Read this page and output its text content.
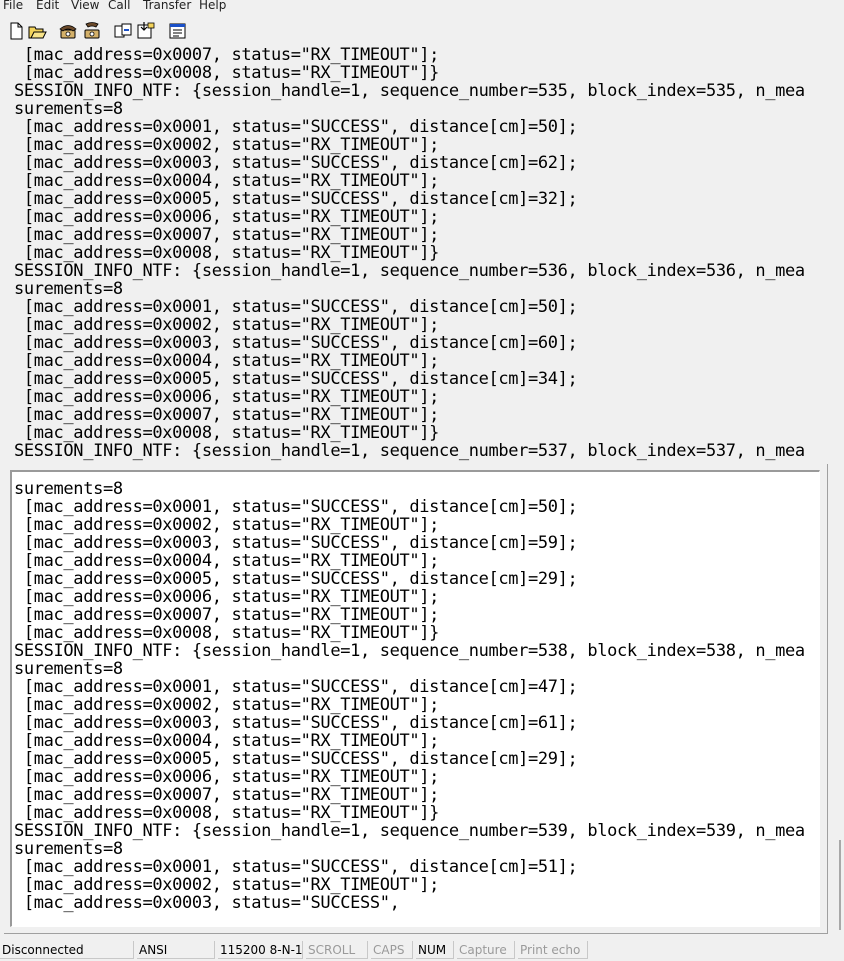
File Edit View Call Transfer Help
[mac_address=0x0007, status="RX_TIMEOUT"];
[mac_address=0x0008, status="RX_TIMEOUT"]}
SESSION_INFO_NTF: {session_handle=1, sequence_number=535, block_index=535, n_mea
surements=8
[mac_address=0x0001, status="SUCCESS", distance[cm]=50];
[mac_address=0x0002, status="RX_TIMEOUT"];
[mac_address=0x0003, status="SUCCESS", distance[cm]=62];
[mac_address=0x0004, status="RX_TIMEOUT"];
[mac_address=0x0005, status="SUCCESS", distance[cm]=32];
[mac_address=0x0006, status="RX_TIMEOUT"];
[mac_address=0x0007, status="RX_TIMEOUT"];
[mac_address=0x0008, status="RX_TIMEOUT"]}
SESSION_INFO_NTF: {session_handle=1, sequence_number=536, block_index=536, n_mea
surements=8
[mac_address=0x0001, status="SUCCESS", distance[cm]=50];
[mac_address=0x0002, status="RX_TIMEOUT"];
[mac_address=0x0003, status="SUCCESS", distance[cm]=60];
[mac_address=0x0004, status="RX_TIMEOUT"];
[mac_address=0x0005, status="SUCCESS", distance[cm]=34];
[mac_address=0x0006, status="RX_TIMEOUT"];
[mac_address=0x0007, status="RX_TIMEOUT"];
[mac_address=0x0008, status="RX_TIMEOUT"]}
SESSION_INFO_NTF: {session_handle=1, sequence_number=537, block_index=537, n_mea
surements=8
[mac_address=0x0001, status="SUCCESS", distance[cm]=50];
[mac_address=0x0002, status="RX_TIMEOUT"];
[mac_address=0x0003, status="SUCCESS", distance[cm]=59];
[mac_address=0x0004, status="RX_TIMEOUT"];
[mac_address=0x0005, status="SUCCESS", distance[cm]=29];
[mac_address=0x0006, status="RX_TIMEOUT"];
[mac_address=0x0007, status="RX_TIMEOUT"];
[mac_address=0x0008, status="RX_TIMEOUT"]}
SESSION_INFO_NTF: {session_handle=1, sequence_number=538, block_index=538, n_mea
surements=8
[mac_address=0x0001, status="SUCCESS", distance[cm]=47];
[mac_address=0x0002, status="RX_TIMEOUT"];
[mac_address=0x0003, status="SUCCESS", distance[cm]=61];
[mac_address=0x0004, status="RX_TIMEOUT"];
[mac_address=0x0005, status="SUCCESS", distance[cm]=29];
[mac_address=0x0006, status="RX_TIMEOUT"];
[mac_address=0x0007, status="RX_TIMEOUT"];
[mac_address=0x0008, status="RX_TIMEOUT"]}
SESSION_INFO_NTF: {session_handle=1, sequence_number=539, block_index=539, n_mea
surements=8
[mac_address=0x0001, status="SUCCESS", distance[cm]=51];
[mac_address=0x0002, status="RX_TIMEOUT"];
[mac_address=0x0003, status="SUCCESS",
Disconnected	ANSI	115200 8-N-1 SCROLL	CAPS	NUM	Capture	Print echo
